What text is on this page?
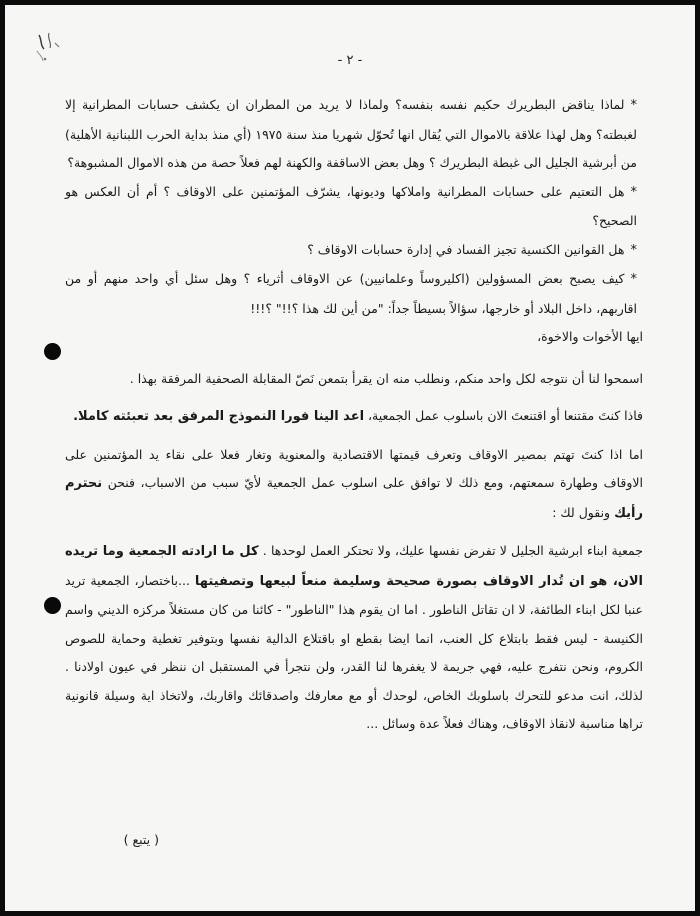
- ٢ -

*لماذا يناقض البطريرك حكيم نفسه بنفسه؟ ولماذا لا يريد من المطران ان يكشف حسابات المطرانية إلا لغبطته؟ وهل لهذا علاقة بالاموال التي يُقال انها تُحوّل شهريا منذ سنة ١٩٧٥ (أي منذ بداية الحرب اللبنانية الأهلية) من أبرشية الجليل الى غبطة البطريرك ؟ وهل بعض الاساقفة والكهنة لهم فعلاً حصة من هذه الاموال المشبوهة؟

*هل التعتيم على حسابات المطرانية واملاكها وديونها، يشرّف المؤتمنين على الاوقاف ؟ أم أن العكس هو الصحيح؟

*هل القوانين الكنسية تجيز الفساد في إدارة حسابات الاوقاف ؟

*كيف يصبح بعض المسؤولين (اكليروساً وعلمانيين) عن الاوقاف أثرياء ؟ وهل سئل أي واحد منهم أو من اقاربهم، داخل البلاد أو خارجها، سؤالاً بسيطاً جداً: "من أين لك هذا ؟!!" ؟!!!

ايها الأخوات والاخوة،

اسمحوا لنا أن نتوجه لكل واحد منكم، ونطلب منه ان يقرأ بتمعن نَصّ المقابلة الصحفية المرفقة بهذا .

فاذا كنتَ مقتنعا أو اقتنعتَ الان باسلوب عمل الجمعية، اعد الينا فورا النموذج المرفق بعد تعبئته كاملا.

اما اذا كنتَ تهتم بمصير الاوقاف وتعرف قيمتها الاقتصادية والمعنوية وتغار فعلا على نقاء يد المؤتمنين على الاوقاف وطهارة سمعتهم، ومع ذلك لا توافق على اسلوب عمل الجمعية لأيّ سبب من الاسباب، فنحن نحترم رأيك ونقول لك :

جمعية ابناء ابرشية الجليل لا تفرض نفسها عليك، ولا تحتكر العمل لوحدها . كل ما ارادته الجمعية وما تريده الان، هو ان تُدار الاوقاف بصورة صحيحة وسليمة منعاً لبيعها وتصفيتها ...باختصار، الجمعية تريد عنبا لكل ابناء الطائفة، لا ان تقاتل الناطور . اما ان يقوم هذا "الناطور" - كائنا من كان مستغلاً مركزه الديني واسم الكنيسة - ليس فقط بابتلاع كل العنب، انما ايضا بقطع او باقتلاع الدالية نفسها وبتوفير تغطية وحماية للصوص الكروم، ونحن نتفرج عليه، فهي جريمة لا يغفرها لنا القدر، ولن نتجرأ في المستقبل ان ننظر في عيون اولادنا . لذلك، انت مدعو للتحرك باسلوبك الخاص، لوحدك أو مع معارفك واصدقائك واقاربك، ولاتخاذ اية وسيلة قانونية تراها مناسبة لانقاذ الاوقاف، وهناك فعلاً عدة وسائل ...

( يتبع )
